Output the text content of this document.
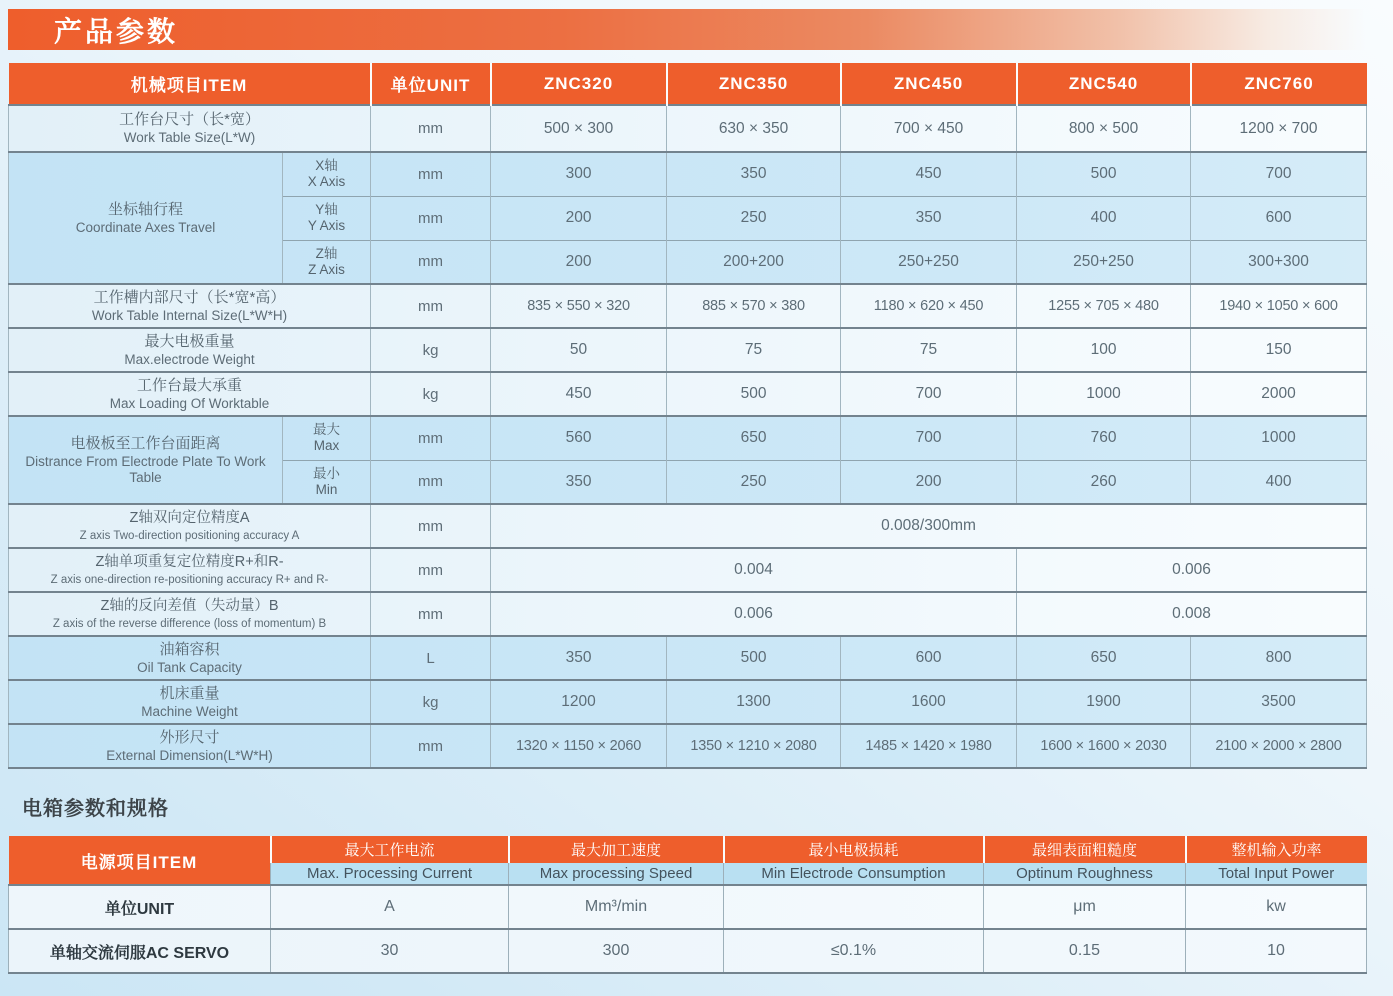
产品参数
机械项目ITEM		单位UNIT	ZNC320	ZNC350	ZNC450	ZNC540	ZNC760

工作台尺寸（长*宽）
Work Table Size(L*W)		mm	500 × 300	630 × 350	700 × 450	800 × 500	1200 × 700

坐标轴行程
Coordinate Axes Travel

X轴
X Axis	mm	300	350	450	500	700

	Y轴
Y Axis	mm	200	250	350	400	600

	Z轴
Z Axis	mm	200	200+200	250+250	250+250	300+300

工作槽内部尺寸（长*宽*高）
Work Table Internal Size(L*W*H)		mm	835 × 550 × 320	885 × 570 × 380	1180 × 620 × 450	1255 × 705 × 480	1940 × 1050 × 600

最大电极重量
Max.electrode Weight		kg	50	75	75	100	150

工作台最大承重
Max Loading Of Worktable		kg	450	500	700	1000	2000

电极板至工作台面距离
Distrance From Electrode Plate To Work Table

最大
Max	mm	560	650	700	760	1000

	最小
Min	mm	350	250	200	260	400

Z轴双向定位精度A
Z axis Two-direction positioning accuracy A		mm	0.008/300mm				

Z轴单项重复定位精度R+和R-
Z axis one-direction re-positioning accuracy R+ and R-		mm	0.004			0.006	

Z轴的反向差值（失动量）B
Z axis of the reverse difference (loss of momentum) B		mm	0.006			0.008	

油箱容积
Oil Tank Capacity		L	350	500	600	650	800

机床重量
Machine Weight		kg	1200	1300	1600	1900	3500

外形尺寸
External Dimension(L*W*H)		mm	1320 × 1150 × 2060	1350 × 1210 × 2080	1485 × 1420 × 1980	1600 × 1600 × 2030	2100 × 2000 × 2800
电箱参数和规格
电源项目ITEM	最大工作电流	最大加工速度	最小电极损耗	最细表面粗糙度	整机输入功率
	Max. Processing Current	Max processing Speed	Min Electrode Consumption	Optinum Roughness	Total Input Power
单位UNIT	A	Mm³/min		μm	kw
单轴交流伺服AC SERVO	30	300	≤0.1%	0.15	10
